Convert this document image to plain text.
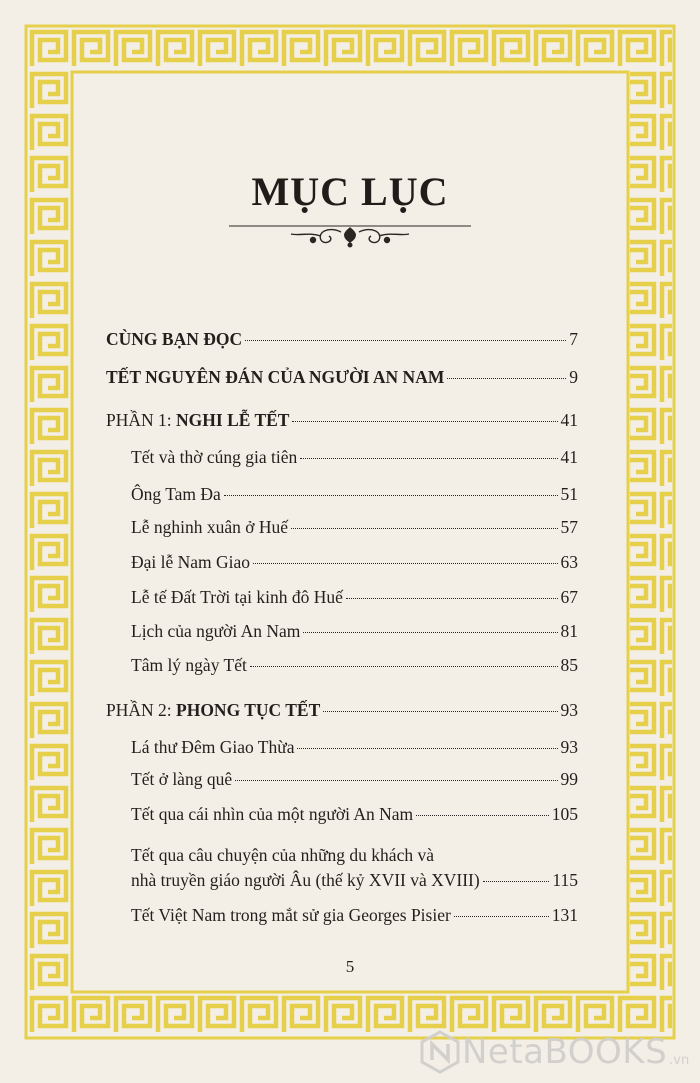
MỤC LỤC
CÙNG BẠN ĐỌC	7
TẾT NGUYÊN ĐÁN CỦA NGƯỜI AN NAM	9
PHẦN 1: NGHI LỄ TẾT	41
Tết và thờ cúng gia tiên	41
Ông Tam Đa	51
Lễ nghinh xuân ở Huế	57
Đại lễ Nam Giao	63
Lễ tế Đất Trời tại kinh đô Huế	67
Lịch của người An Nam	81
Tâm lý ngày Tết	85
PHẦN 2: PHONG TỤC TẾT	93
Lá thư Đêm Giao Thừa	93
Tết ở làng quê	99
Tết qua cái nhìn của một người An Nam	105
Tết qua câu chuyện của những du khách và
nhà truyền giáo người Âu (thế kỷ XVII và XVIII)	115
Tết Việt Nam trong mắt sử gia Georges Pisier	131
5
NetaBOOKS .vn
